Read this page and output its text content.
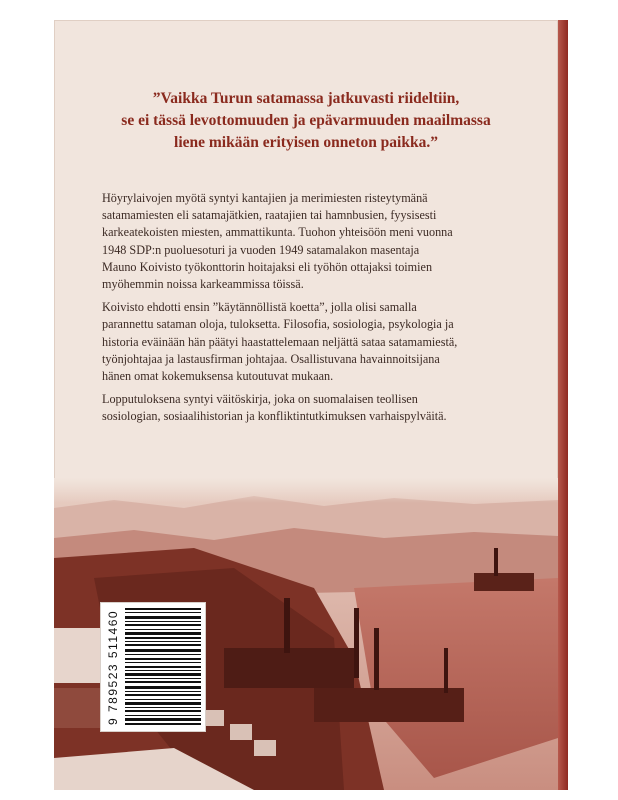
”Vaikka Turun satamassa jatkuvasti riideltiin,
se ei tässä levottomuuden ja epävarmuuden maailmassa
liene mikään erityisen onneton paikka.”

Höyrylaivojen myötä syntyi kantajien ja merimiesten risteytymänä
satamamiesten eli satamajätkien, raatajien tai hamnbusien, fyysisesti
karkeatekoisten miesten, ammattikunta. Tuohon yhteisöön meni vuonna
1948 SDP:n puoluesoturi ja vuoden 1949 satamalakon masentaja
Mauno Koivisto työkonttorin hoitajaksi eli työhön ottajaksi toimien
myöhemmin noissa karkeammissa töissä.

Koivisto ehdotti ensin ”käytännöllistä koetta”, jolla olisi samalla
parannettu sataman oloja, tuloksetta. Filosofia, sosiologia, psykologia ja
historia eväinään hän päätyi haastattelemaan neljättä sataa satamamiestä,
työnjohtajaa ja lastausfirman johtajaa. Osallistuvana havainnoitsijana
hänen omat kokemuksensa kutoutuvat mukaan.

Lopputuloksena syntyi väitöskirja, joka on suomalaisen teollisen
sosiologian, sosiaalihistorian ja konfliktintutkimuksen varhaispylväitä.

9 789523 511460
